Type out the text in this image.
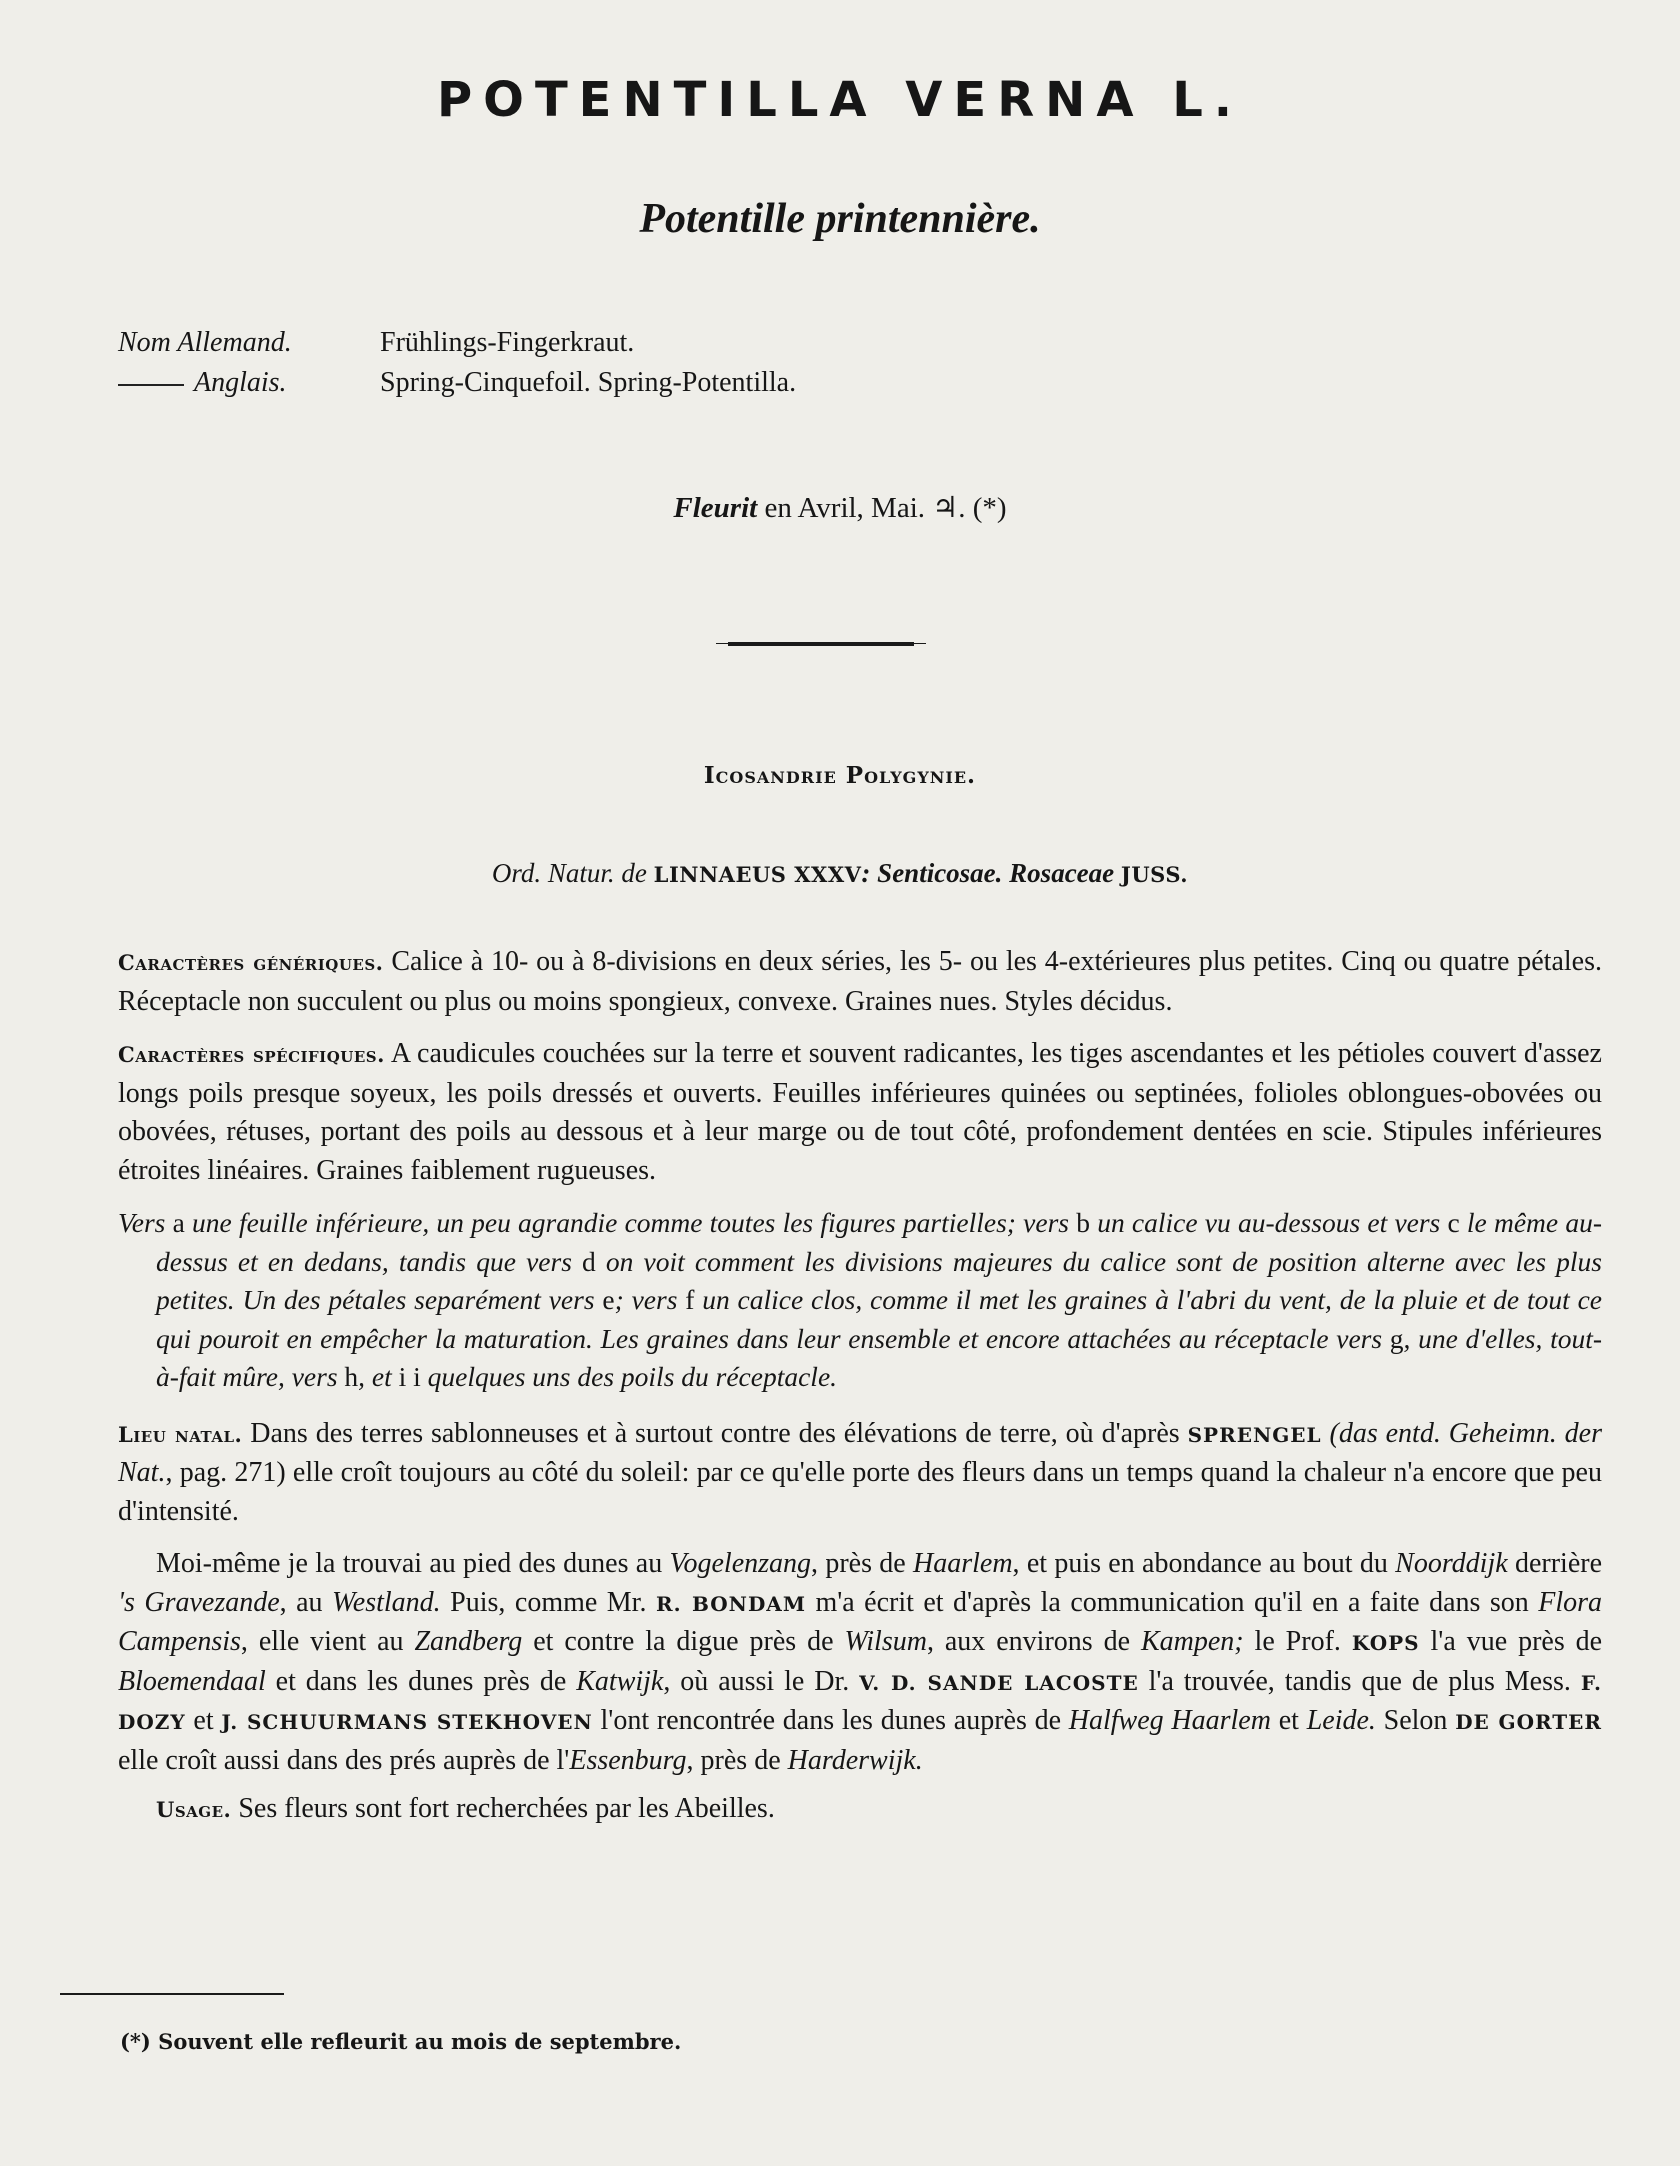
POTENTILLA VERNA L.
Potentille printennière.
Nom Allemand.	Frühlings-Fingerkraut.
Anglais.	Spring-Cinquefoil. Spring-Potentilla.
Fleurit en Avril, Mai. ♃. (*)
Icosandrie Polygynie.
Ord. Natur. de LINNAEUS XXXV: Senticosae. Rosaceae JUSS.

Caractères génériques. Calice à 10- ou à 8-divisions en deux séries, les 5- ou les 4-extérieures plus petites. Cinq ou quatre pétales. Réceptacle non succulent ou plus ou moins spongieux, convexe. Graines nues. Styles décidus.

Caractères spécifiques. A caudicules couchées sur la terre et souvent radicantes, les tiges ascendantes et les pétioles couvert d'assez longs poils presque soyeux, les poils dressés et ouverts. Feuilles inférieures quinées ou septinées, folioles oblongues-obovées ou obovées, rétuses, portant des poils au dessous et à leur marge ou de tout côté, profondement dentées en scie. Stipules inférieures étroites linéaires. Graines faiblement rugueuses.

Vers a une feuille inférieure, un peu agrandie comme toutes les figures partielles; vers b un calice vu au-dessous et vers c le même au-dessus et en dedans, tandis que vers d on voit comment les divisions majeures du calice sont de position alterne avec les plus petites. Un des pétales separément vers e; vers f un calice clos, comme il met les graines à l'abri du vent, de la pluie et de tout ce qui pouroit en empêcher la maturation. Les graines dans leur ensemble et encore attachées au réceptacle vers g, une d'elles, tout-à-fait mûre, vers h, et i i quelques uns des poils du réceptacle.

Lieu natal. Dans des terres sablonneuses et à surtout contre des élévations de terre, où d'après SPRENGEL (das entd. Geheimn. der Nat., pag. 271) elle croît toujours au côté du soleil: par ce qu'elle porte des fleurs dans un temps quand la chaleur n'a encore que peu d'intensité.

Moi-même je la trouvai au pied des dunes au Vogelenzang, près de Haarlem, et puis en abondance au bout du Noorddijk derrière 's Gravezande, au Westland. Puis, comme Mr. R. BONDAM m'a écrit et d'après la communication qu'il en a faite dans son Flora Campensis, elle vient au Zandberg et contre la digue près de Wilsum, aux environs de Kampen; le Prof. KOPS l'a vue près de Bloemendaal et dans les dunes près de Katwijk, où aussi le Dr. V. D. SANDE LACOSTE l'a trouvée, tandis que de plus Mess. F. DOZY et J. SCHUURMANS STEKHOVEN l'ont rencontrée dans les dunes auprès de Halfweg Haarlem et Leide. Selon DE GORTER elle croît aussi dans des prés auprès de l'Essenburg, près de Harderwijk.

Usage. Ses fleurs sont fort recherchées par les Abeilles.

(*) Souvent elle refleurit au mois de septembre.
